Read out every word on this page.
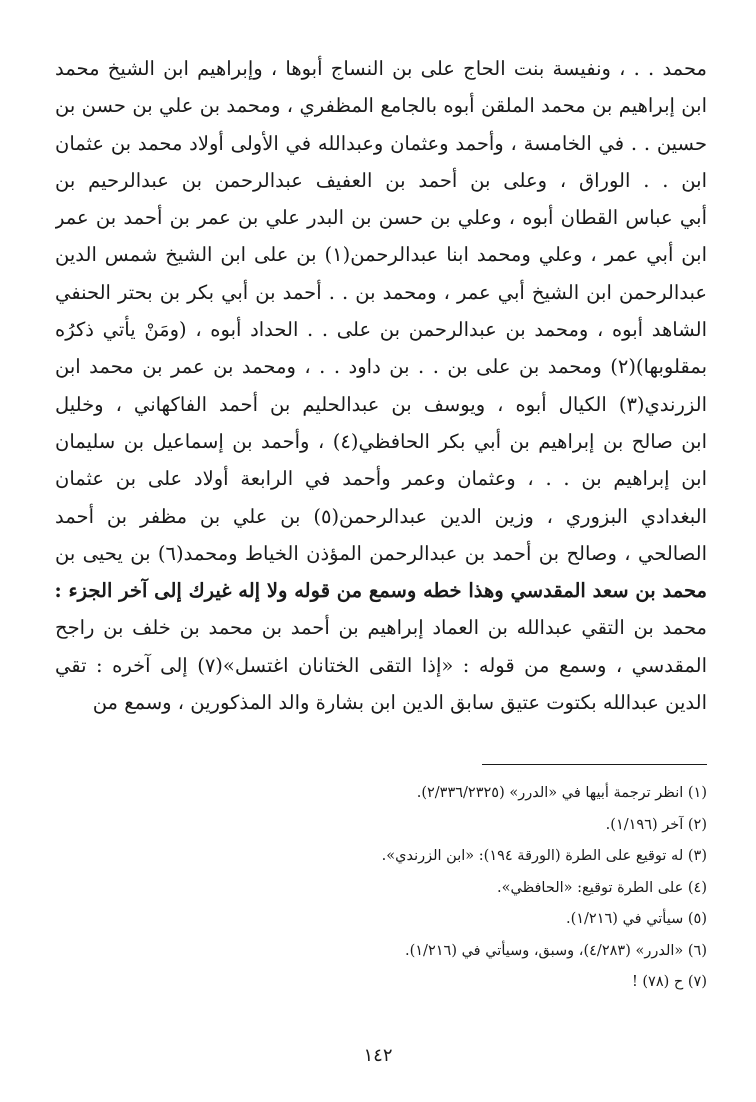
محمد . . ، ونفيسة بنت الحاج على بن النساج أبوها ، وإبراهيم ابن الشيخ محمد
ابن إبراهيم بن محمد الملقن أبوه بالجامع المظفري ، ومحمد بن علي بن حسن بن
حسين . . في الخامسة ، وأحمد وعثمان وعبدالله في الأولى أولاد محمد بن عثمان
ابن . . الوراق ، وعلى بن أحمد بن العفيف عبدالرحمن بن عبدالرحيم بن
أبي عباس القطان أبوه ، وعلي بن حسن بن البدر علي بن عمر بن أحمد بن عمر
ابن أبي عمر ، وعلي ومحمد ابنا عبدالرحمن(١) بن على ابن الشيخ شمس الدين
عبدالرحمن ابن الشيخ أبي عمر ، ومحمد بن . . أحمد بن أبي بكر بن بحتر الحنفي
الشاهد أبوه ، ومحمد بن عبدالرحمن بن على . . الحداد أبوه ، (ومَنْ يأتي ذكرُه
بمقلوبها)(٢) ومحمد بن على بن . . بن داود . . ، ومحمد بن عمر بن محمد ابن
الزرندي(٣) الكيال أبوه ، ويوسف بن عبدالحليم بن أحمد الفاكهاني ، وخليل
ابن صالح بن إبراهيم بن أبي بكر الحافظي(٤) ، وأحمد بن إسماعيل بن سليمان
ابن إبراهيم بن . . ، وعثمان وعمر وأحمد في الرابعة أولاد على بن عثمان
البغدادي البزوري ، وزين الدين عبدالرحمن(٥) بن علي بن مظفر بن أحمد
الصالحي ، وصالح بن أحمد بن عبدالرحمن المؤذن الخياط ومحمد(٦) بن يحيى بن
محمد بن سعد المقدسي وهذا خطه وسمع من قوله ولا إله غيرك إلى آخر الجزء :
محمد بن التقي عبدالله بن العماد إبراهيم بن أحمد بن محمد بن خلف بن راجح
المقدسي ، وسمع من قوله : «إذا التقى الختانان اغتسل»(٧) إلى آخره : تقي
الدين عبدالله بكتوت عتيق سابق الدين ابن بشارة والد المذكورين ، وسمع من
(١) انظر ترجمة أبيها في «الدرر» (٢/٣٣٦/٢٣٢٥).
(٢) آخر (١/١٩٦).
(٣) له توقيع على الطرة (الورقة ١٩٤): «ابن الزرندي».
(٤) على الطرة توقيع: «الحافظي».
(٥) سيأتي في (١/٢١٦).
(٦) «الدرر» (٤/٢٨٣)، وسبق، وسيأتي في (١/٢١٦).
(٧) ح (٧٨) !
١٤٢
